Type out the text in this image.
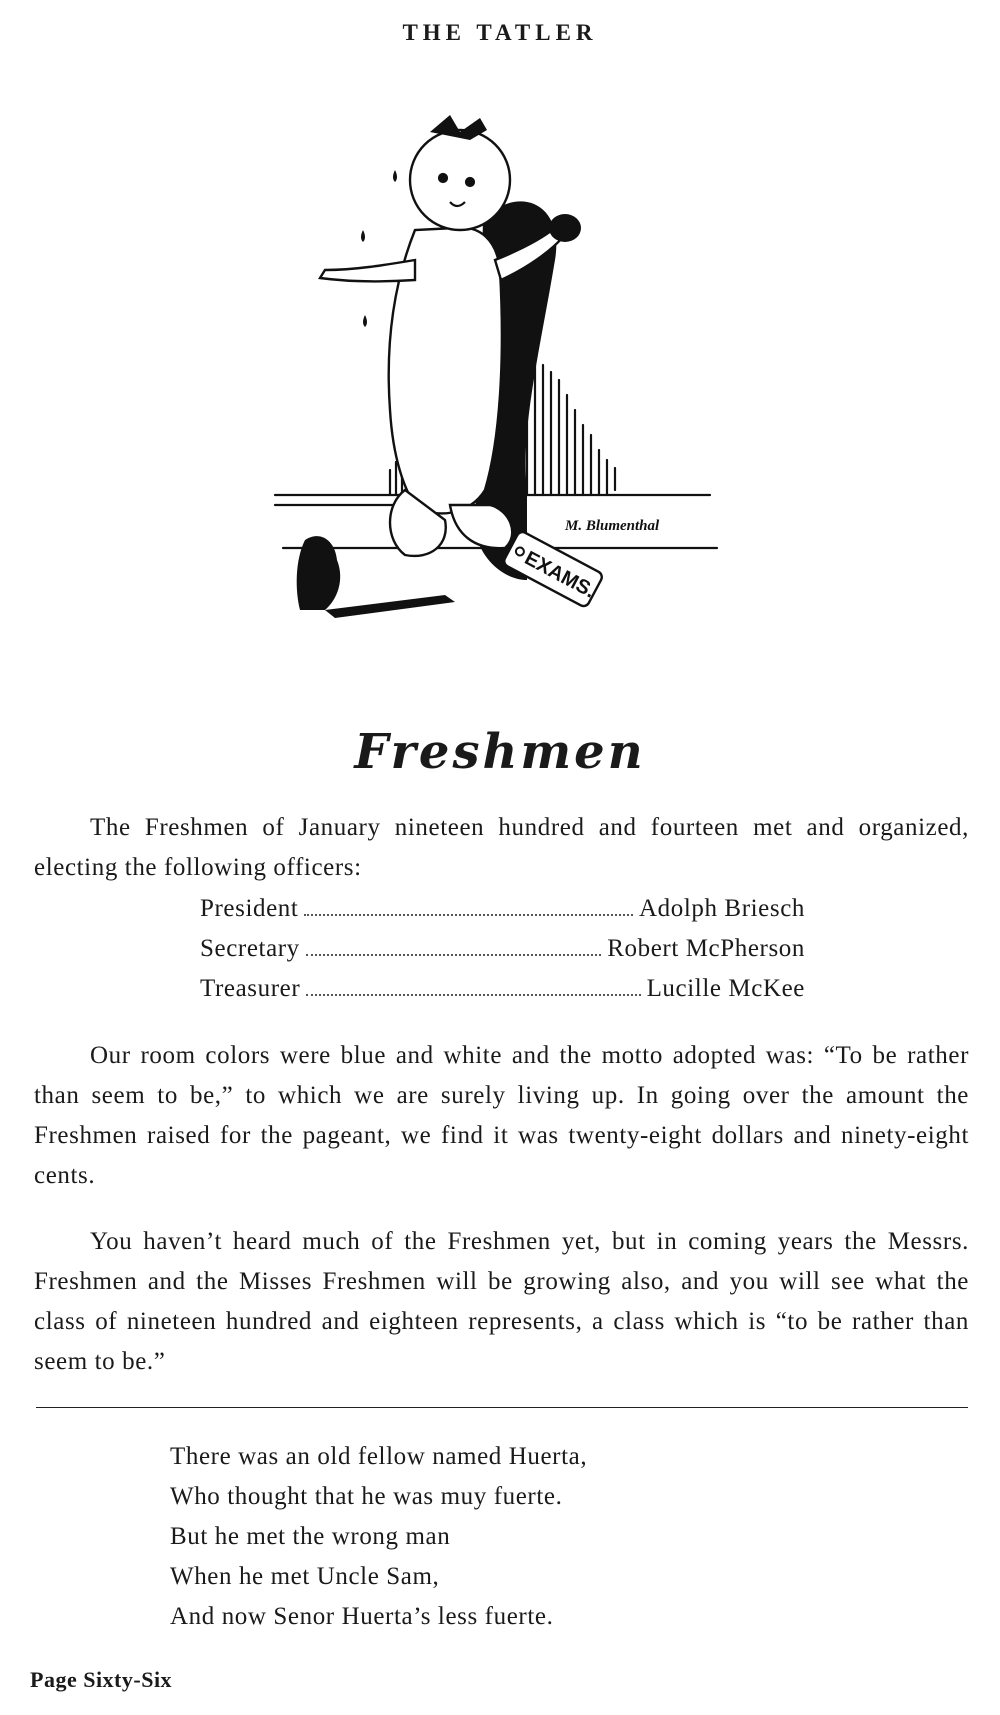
THE TATLER
EXAMS.
M. Blumenthal
Freshmen

The Freshmen of January nineteen hundred and fourteen met and organized, electing the following officers:

President	Adolph Briesch
Secretary	Robert McPherson
Treasurer	Lucille McKee

Our room colors were blue and white and the motto adopted was: “To be rather than seem to be,” to which we are surely living up. In going over the amount the Freshmen raised for the pageant, we find it was twenty-eight dollars and ninety-eight cents.

You haven’t heard much of the Freshmen yet, but in coming years the Messrs. Freshmen and the Misses Freshmen will be growing also, and you will see what the class of nineteen hundred and eighteen represents, a class which is “to be rather than seem to be.”

There was an old fellow named Huerta,
Who thought that he was muy fuerte.
But he met the wrong man
When he met Uncle Sam,
And now Senor Huerta’s less fuerte.
Page Sixty-Six
